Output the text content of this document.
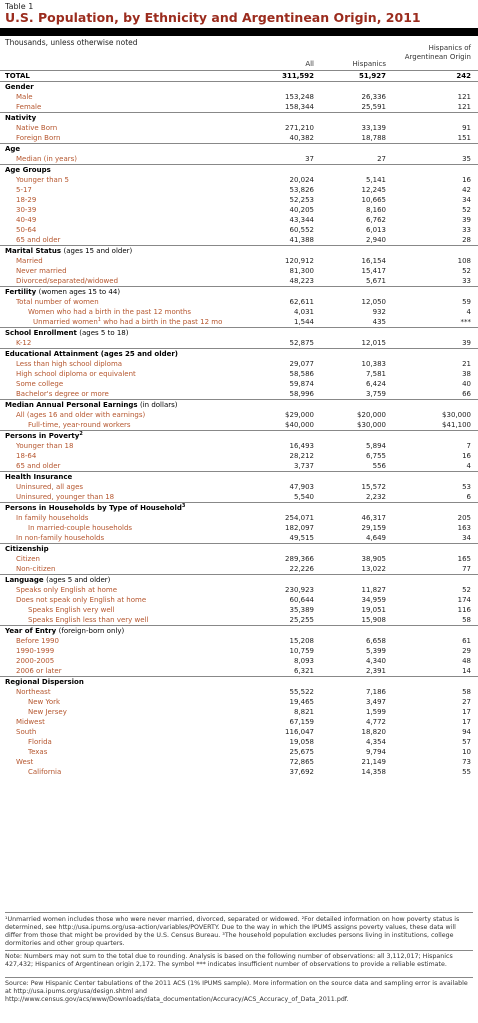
Table 1
U.S. Population, by Ethnicity and Argentinean Origin, 2011
Thousands, unless otherwise noted
All	Hispanics
Hispanics of
Argentinean Origin
TOTAL	311,592	51,927	242
Gender
Male	153,248	26,336	121
Female	158,344	25,591	121
Nativity
Native Born	271,210	33,139	91
Foreign Born	40,382	18,788	151
Age
Median (in years)	37	27	35
Age Groups
Younger than 5	20,024	5,141	16
5-17	53,826	12,245	42
18-29	52,253	10,665	34
30-39	40,205	8,160	52
40-49	43,344	6,762	39
50-64	60,552	6,013	33
65 and older	41,388	2,940	28
Marital Status (ages 15 and older)
Married	120,912	16,154	108
Never married	81,300	15,417	52
Divorced/separated/widowed	48,223	5,671	33
Fertility (women ages 15 to 44)
Total number of women	62,611	12,050	59
Women who had a birth in the past 12 months	4,031	932	4
Unmarried women$^1$ who had a birth in the past 12 mo	1,544	435	***
School Enrollment (ages 5 to 18)
K-12	52,875	12,015	39
Educational Attainment (ages 25 and older)
Less than high school diploma	29,077	10,383	21
High school diploma or equivalent	58,586	7,581	38
Some college	59,874	6,424	40
Bachelor's degree or more	58,996	3,759	66
Median Annual Personal Earnings (in dollars)
All (ages 16 and older with earnings)	$29,000	$20,000	$30,000
Full-time, year-round workers	$40,000	$30,000	$41,100
Persons in Poverty$^2$
Younger than 18	16,493	5,894	7
18-64	28,212	6,755	16
65 and older	3,737	556	4
Health Insurance
Uninsured, all ages	47,903	15,572	53
Uninsured, younger than 18	5,540	2,232	6
Persons in Households by Type of Household$^3$
In family households	254,071	46,317	205
In married-couple households	182,097	29,159	163
In non-family households	49,515	4,649	34
Citizenship
Citizen	289,366	38,905	165
Non-citizen	22,226	13,022	77
Language (ages 5 and older)
Speaks only English at home	230,923	11,827	52
Does not speak only English at home	60,644	34,959	174
Speaks English very well	35,389	19,051	116
Speaks English less than very well	25,255	15,908	58
Year of Entry (foreign-born only)
Before 1990	15,208	6,658	61
1990-1999	10,759	5,399	29
2000-2005	8,093	4,340	48
2006 or later	6,321	2,391	14
Regional Dispersion
Northeast	55,522	7,186	58
New York	19,465	3,497	27
New Jersey	8,821	1,599	17
Midwest	67,159	4,772	17
South	116,047	18,820	94
Florida	19,058	4,354	57
Texas	25,675	9,794	10
West	72,865	21,149	73
California	37,692	14,358	55
¹Unmarried women includes those who were never married, divorced, separated or widowed. ²For detailed information on how poverty status is determined, see http://usa.ipums.org/usa-action/variables/POVERTY. Due to the way in which the IPUMS assigns poverty values, these data will differ from those that might be provided by the U.S. Census Bureau. ³The household population excludes persons living in institutions, college dormitories and other group quarters.
Note: Numbers may not sum to the total due to rounding. Analysis is based on the following number of observations: all 3,112,017; Hispanics 427,432; Hispanics of Argentinean origin 2,172. The symbol *** indicates insufficient number of observations to provide a reliable estimate.
Source: Pew Hispanic Center tabulations of the 2011 ACS (1% IPUMS sample). More information on the source data and sampling error is available at http://usa.ipums.org/usa/design.shtml and http://www.census.gov/acs/www/Downloads/data_documentation/Accuracy/ACS_Accuracy_of_Data_2011.pdf.
